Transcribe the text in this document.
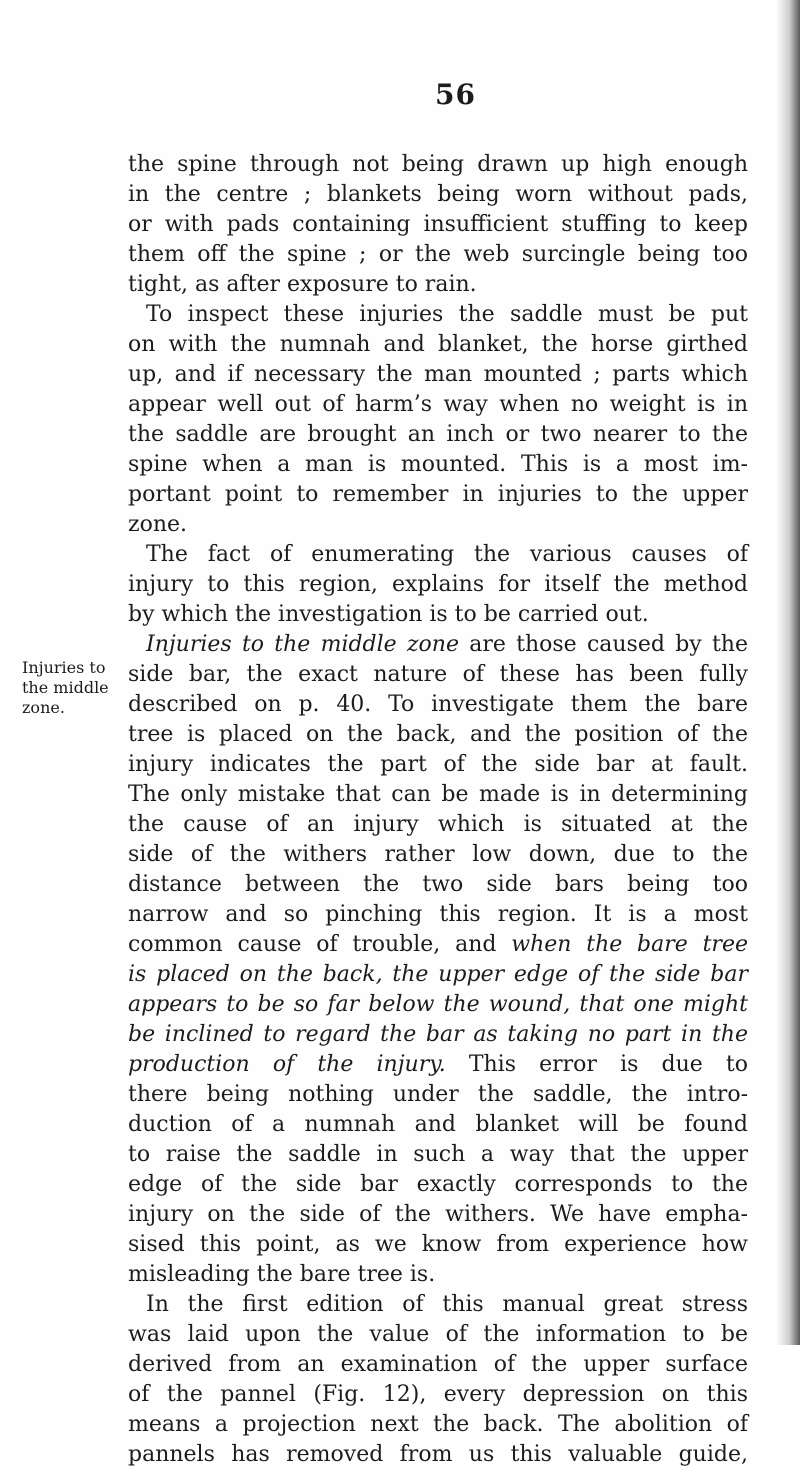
56
Injuries to
the middle
zone.
the spine through not being drawn up high enough
in the centre ; blankets being worn without pads,
or with pads containing insufficient stuffing to keep
them off the spine ; or the web surcingle being too
tight, as after exposure to rain.
To inspect these injuries the saddle must be put
on with the numnah and blanket, the horse girthed
up, and if necessary the man mounted ; parts which
appear well out of harm’s way when no weight is in
the saddle are brought an inch or two nearer to the
spine when a man is mounted. This is a most im-
portant point to remember in injuries to the upper
zone.
The fact of enumerating the various causes of
injury to this region, explains for itself the method
by which the investigation is to be carried out.
Injuries to the middle zone are those caused by the
side bar, the exact nature of these has been fully
described on p. 40. To investigate them the bare
tree is placed on the back, and the position of the
injury indicates the part of the side bar at fault.
The only mistake that can be made is in determining
the cause of an injury which is situated at the
side of the withers rather low down, due to the
distance between the two side bars being too
narrow and so pinching this region. It is a most
common cause of trouble, and when the bare tree
is placed on the back, the upper edge of the side bar
appears to be so far below the wound, that one might
be inclined to regard the bar as taking no part in the
production of the injury. This error is due to
there being nothing under the saddle, the intro-
duction of a numnah and blanket will be found
to raise the saddle in such a way that the upper
edge of the side bar exactly corresponds to the
injury on the side of the withers. We have empha-
sised this point, as we know from experience how
misleading the bare tree is.
In the first edition of this manual great stress
was laid upon the value of the information to be
derived from an examination of the upper surface
of the pannel (Fig. 12), every depression on this
means a projection next the back. The abolition of
pannels has removed from us this valuable guide,
